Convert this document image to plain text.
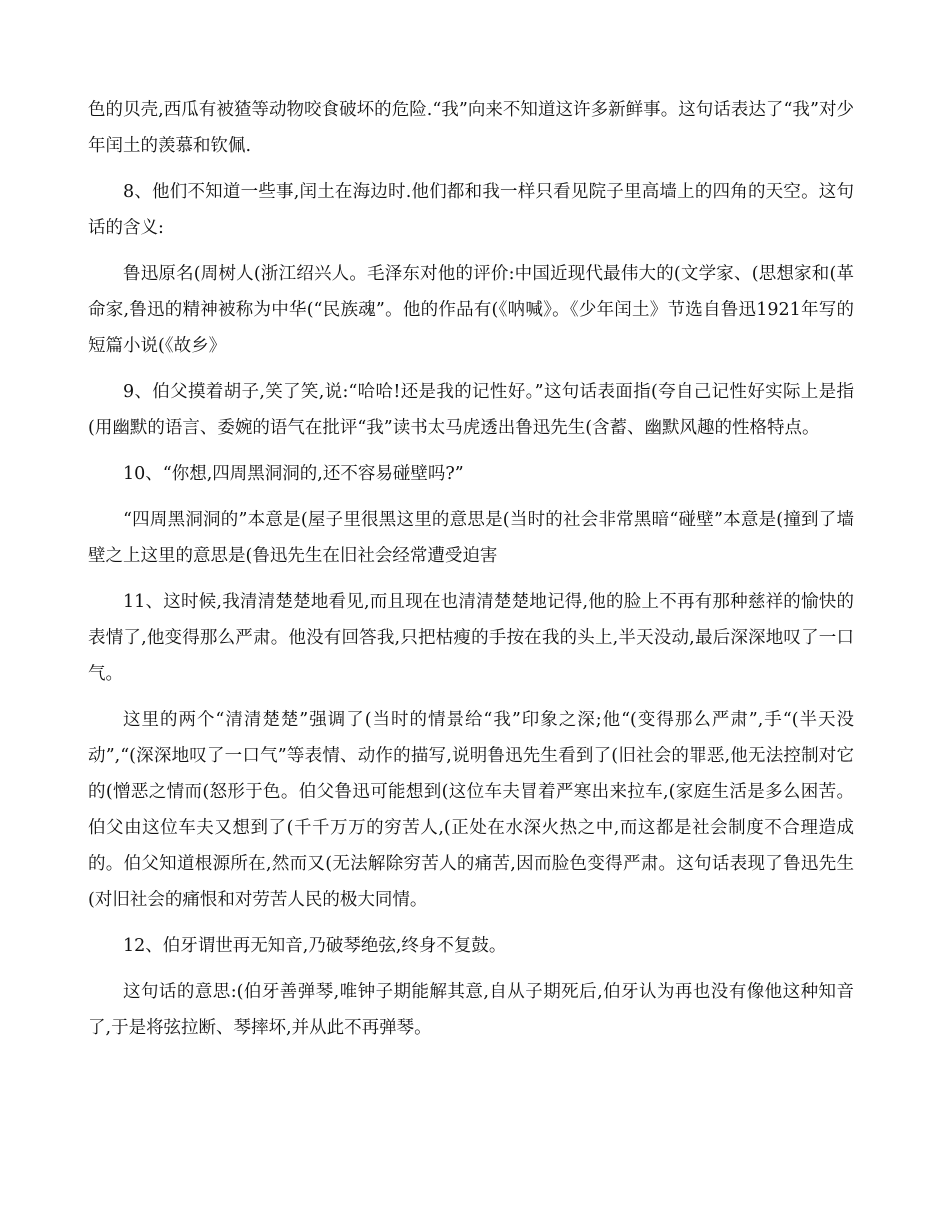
色的贝壳,西瓜有被猹等动物咬食破坏的危险.“我”向来不知道这许多新鲜事。这句话表达了“我”对少年闰土的羡慕和钦佩.

8、他们不知道一些事,闰土在海边时.他们都和我一样只看见院子里高墙上的四角的天空。这句话的含义:

鲁迅原名(周树人(浙江绍兴人。毛泽东对他的评价:中国近现代最伟大的(文学家、(思想家和(革命家,鲁迅的精神被称为中华(“民族魂”。他的作品有(《呐喊》。《少年闰土》节选自鲁迅1921年写的短篇小说(《故乡》

9、伯父摸着胡子,笑了笑,说:“哈哈!还是我的记性好。”这句话表面指(夸自己记性好实际上是指(用幽默的语言、委婉的语气在批评“我”读书太马虎透出鲁迅先生(含蓄、幽默风趣的性格特点。

10、“你想,四周黑洞洞的,还不容易碰壁吗?”

“四周黑洞洞的”本意是(屋子里很黑这里的意思是(当时的社会非常黑暗“碰壁”本意是(撞到了墙壁之上这里的意思是(鲁迅先生在旧社会经常遭受迫害

11、这时候,我清清楚楚地看见,而且现在也清清楚楚地记得,他的脸上不再有那种慈祥的愉快的表情了,他变得那么严肃。他没有回答我,只把枯瘦的手按在我的头上,半天没动,最后深深地叹了一口气。

这里的两个“清清楚楚”强调了(当时的情景给“我”印象之深;他“(变得那么严肃”,手“(半天没动”,“(深深地叹了一口气”等表情、动作的描写,说明鲁迅先生看到了(旧社会的罪恶,他无法控制对它的(憎恶之情而(怒形于色。伯父鲁迅可能想到(这位车夫冒着严寒出来拉车,(家庭生活是多么困苦。伯父由这位车夫又想到了(千千万万的穷苦人,(正处在水深火热之中,而这都是社会制度不合理造成的。伯父知道根源所在,然而又(无法解除穷苦人的痛苦,因而脸色变得严肃。这句话表现了鲁迅先生(对旧社会的痛恨和对劳苦人民的极大同情。

12、伯牙谓世再无知音,乃破琴绝弦,终身不复鼓。

这句话的意思:(伯牙善弹琴,唯钟子期能解其意,自从子期死后,伯牙认为再也没有像他这种知音了,于是将弦拉断、琴摔坏,并从此不再弹琴。
